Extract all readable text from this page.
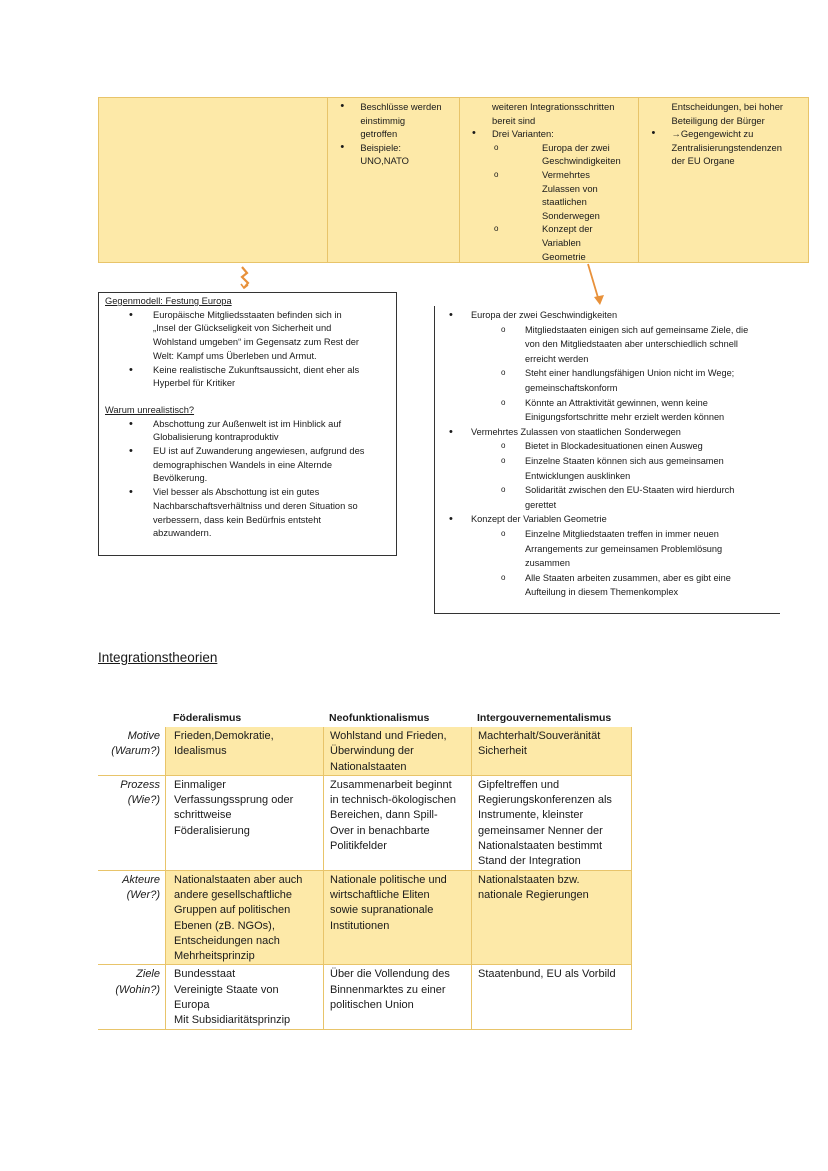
• Beschlüsse werden
einstimmig
getroffen
• Beispiele:
UNO,NATO
weiteren Integrationsschritten
bereit sind
• Drei Varianten:
o Europa der zwei
Geschwindigkeiten
o Vermehrtes
Zulassen von
staatlichen
Sonderwegen
o Konzept der
Variablen
Geometrie
Entscheidungen, bei hoher
Beteiligung der Bürger
• →Gegengewicht zu
Zentralisierungstendenzen
der EU Organe
Gegenmodell: Festung Europa
• Europäische Mitgliedsstaaten befinden sich in
„Insel der Glückseligkeit von Sicherheit und
Wohlstand umgeben“ im Gegensatz zum Rest der
Welt: Kampf ums Überleben und Armut.
• Keine realistische Zukunftsaussicht, dient eher als
Hyperbel für Kritiker
Warum unrealistisch?
• Abschottung zur Außenwelt ist im Hinblick auf
Globalisierung kontraproduktiv
• EU ist auf Zuwanderung angewiesen, aufgrund des
demographischen Wandels in eine Alternde
Bevölkerung.
• Viel besser als Abschottung ist ein gutes
Nachbarschaftsverhältniss und deren Situation so
verbessern, dass kein Bedürfnis entsteht
abzuwandern.
• Europa der zwei Geschwindigkeiten
o Mitgliedstaaten einigen sich auf gemeinsame Ziele, die
von den Mitgliedstaaten aber unterschiedlich schnell
erreicht werden
o Steht einer handlungsfähigen Union nicht im Wege;
gemeinschaftskonform
o Könnte an Attraktivität gewinnen, wenn keine
Einigungsfortschritte mehr erzielt werden können
• Vermehrtes Zulassen von staatlichen Sonderwegen
o Bietet in Blockadesituationen einen Ausweg
o Einzelne Staaten können sich aus gemeinsamen
Entwicklungen ausklinken
o Solidarität zwischen den EU-Staaten wird hierdurch
gerettet
• Konzept der Variablen Geometrie
o Einzelne Mitgliedstaaten treffen in immer neuen
Arrangements zur gemeinsamen Problemlösung
zusammen
o Alle Staaten arbeiten zusammen, aber es gibt eine
Aufteilung in diesem Themenkomplex
Integrationstheorien
Föderalismus	Neofunktionalismus	Intergouvernementalismus
Motive
(Warum?)
Frieden,Demokratie,
Idealismus
Wohlstand und Frieden,
Überwindung der
Nationalstaaten
Machterhalt/Souveränität
Sicherheit
Prozess
(Wie?)
Einmaliger
Verfassungssprung oder
schrittweise
Föderalisierung
Zusammenarbeit beginnt
in technisch-ökologischen
Bereichen, dann Spill-
Over in benachbarte
Politikfelder
Gipfeltreffen und
Regierungskonferenzen als
Instrumente, kleinster
gemeinsamer Nenner der
Nationalstaaten bestimmt
Stand der Integration
Akteure
(Wer?)
Nationalstaaten aber auch
andere gesellschaftliche
Gruppen auf politischen
Ebenen (zB. NGOs),
Entscheidungen nach
Mehrheitsprinzip
Nationale politische und
wirtschaftliche Eliten
sowie supranationale
Institutionen
Nationalstaaten bzw.
nationale Regierungen
Ziele
(Wohin?)
Bundesstaat
Vereinigte Staate von
Europa
Mit Subsidiaritätsprinzip
Über die Vollendung des
Binnenmarktes zu einer
politischen Union
Staatenbund, EU als Vorbild
